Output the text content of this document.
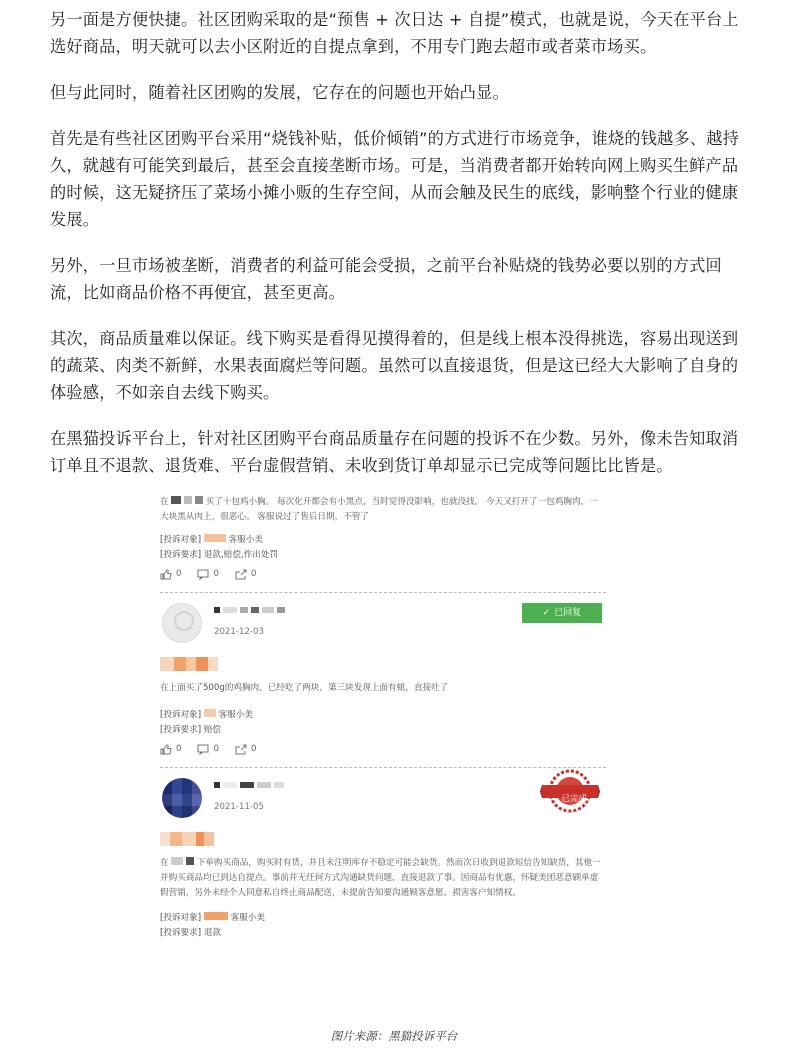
另一面是方便快捷。社区团购采取的是“预售 + 次日达 + 自提”模式，也就是说，今天在平台上选好商品，明天就可以去小区附近的自提点拿到，不用专门跑去超市或者菜市场买。

但与此同时，随着社区团购的发展，它存在的问题也开始凸显。

首先是有些社区团购平台采用“烧钱补贴，低价倾销”的方式进行市场竞争，谁烧的钱越多、越持久，就越有可能笑到最后，甚至会直接垄断市场。可是，当消费者都开始转向网上购买生鲜产品的时候，这无疑挤压了菜场小摊小贩的生存空间，从而会触及民生的底线，影响整个行业的健康发展。

另外，一旦市场被垄断，消费者的利益可能会受损，之前平台补贴烧的钱势必要以别的方式回流，比如商品价格不再便宜，甚至更高。

其次，商品质量难以保证。线下购买是看得见摸得着的，但是线上根本没得挑选，容易出现送到的蔬菜、肉类不新鲜，水果表面腐烂等问题。虽然可以直接退货，但是这已经大大影响了自身的体验感，不如亲自去线下购买。

在黑猫投诉平台上，针对社区团购平台商品质量存在问题的投诉不在少数。另外，像未告知取消订单且不退款、退货难、平台虚假营销、未收到货订单却显示已完成等问题比比皆是。

在	买了十包鸡小胸。 每次化开都会有小黑点，当时觉得没影响，也就没找。 今天又打开了一包鸡胸肉，一大块黑从肉上，很恶心。 客服说过了售后日期，不管了

[投诉对象]	客服小美

[投诉要求] 退款,赔偿,作出处罚

0	0	0
2021-12-03
✓ 已回复

在上面买了500g的鸡胸肉，已经吃了两块，第三块发现上面有蛆，直接吐了

[投诉对象] 客服小美

[投诉要求] 赔偿

0	0	0
2021-11-05
已完成

在	下单购买商品，购买时有货，并且未注明库存不稳定可能会缺货。然而次日收到退款短信告知缺货，其他一并购买商品均已到达自提点。事前并无任何方式沟通缺货问题，直接退款了事。因商品有优惠，怀疑美团恶意刷单虚假营销，另外未经个人同意私自终止商品配送，未提前告知要沟通顾客意愿。损害客户知情权。

[投诉对象]	客服小美

[投诉要求] 退款

图片来源：黑猫投诉平台
